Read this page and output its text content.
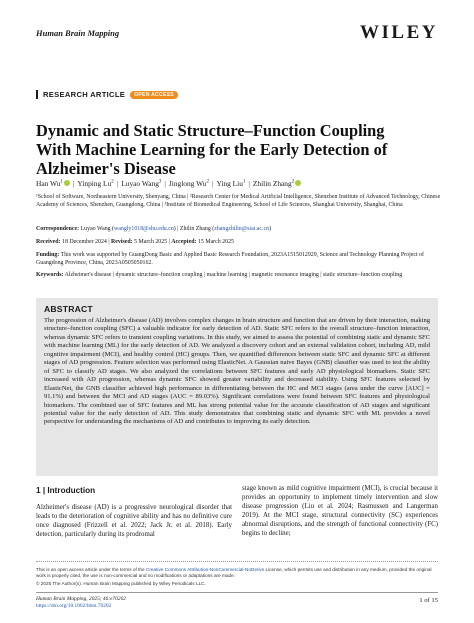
Human Brain Mapping	WILEY
RESEARCH ARTICLE	OPEN ACCESS
Dynamic and Static Structure–Function Coupling With Machine Learning for the Early Detection of Alzheimer's Disease
Han Wu$^1$ | Yinping Lu$^2$ | Luyao Wang$^3$ | Jinglong Wu$^2$ | Ying Liu$^1$ | Zhilin Zhang$^2$
¹School of Software, Northeastern University, Shenyang, China | ²Research Center for Medical Artificial Intelligence, Shenzhen Institute of Advanced Technology, Chinese Academy of Sciences, Shenzhen, Guangdong, China | ³Institute of Biomedical Engineering, School of Life Sciences, Shanghai University, Shanghai, China
Correspondence: Luyao Wang (wangly1018@shu.edu.cn) | Zhilin Zhang (zhangzhilin@siat.ac.cn)
Received: 18 December 2024 | Revised: 5 March 2025 | Accepted: 15 March 2025
Funding: This work was supported by GuangDong Basic and Applied Basic Research Foundation, 2023A1515012929, Science and Technology Planning Project of Guangdong Province, China, 2023A0505050162.
Keywords: Alzheimer's disease | dynamic structure–function coupling | machine learning | magnetic resonance imaging | static structure–function coupling
ABSTRACT
The progression of Alzheimer's disease (AD) involves complex changes in brain structure and function that are driven by their interaction, making structure–function coupling (SFC) a valuable indicator for early detection of AD. Static SFC refers to the overall structure–function interaction, whereas dynamic SFC refers to transient coupling variations. In this study, we aimed to assess the potential of combining static and dynamic SFC with machine learning (ML) for the early detection of AD. We analyzed a discovery cohort and an external validation cohort, including AD, mild cognitive impairment (MCI), and healthy control (HC) groups. Then, we quantified differences between static SFC and dynamic SFC at different stages of AD progression. Feature selection was performed using ElasticNet. A Gaussian naive Bayes (GNB) classifier was used to test the ability of SFC to classify AD stages. We also analyzed the correlations between SFC features and early AD physiological biomarkers. Static SFC increased with AD progression, whereas dynamic SFC showed greater variability and decreased stability. Using SFC features selected by ElasticNet, the GNB classifier achieved high performance in differentiating between the HC and MCI stages (area under the curve [AUC] = 91.1%) and between the MCI and AD stages (AUC = 89.03%). Significant correlations were found between SFC features and physiological biomarkers. The combined use of SFC features and ML has strong potential value for the accurate classification of AD stages and significant potential value for the early detection of AD. This study demonstrates that combining static and dynamic SFC with ML provides a novel perspective for understanding the mechanisms of AD and contributes to improving its early detection.
1 | Introduction
Alzheimer's disease (AD) is a progressive neurological disorder that leads to the deterioration of cognitive ability and has no definitive cure once diagnosed (Frizzell et al. 2022; Jack Jr. et al. 2018). Early detection, particularly during its prodromal
stage known as mild cognitive impairment (MCI), is crucial because it provides an opportunity to implement timely intervention and slow disease progression (Liu et al. 2024; Rasmussen and Langerman 2019). At the MCI stage, structural connectivity (SC) experiences abnormal disruptions, and the strength of functional connectivity (FC) begins to decline;
This is an open access article under the terms of the Creative Commons Attribution-NonCommercial-NoDerivs License, which permits use and distribution in any medium, provided the original work is properly cited, the use is non-commercial and no modifications or adaptations are made.
© 2025 The Author(s). Human Brain Mapping published by Wiley Periodicals LLC.
Human Brain Mapping, 2025; 46:e70202
https://doi.org/10.1002/hbm.70202
1 of 15
